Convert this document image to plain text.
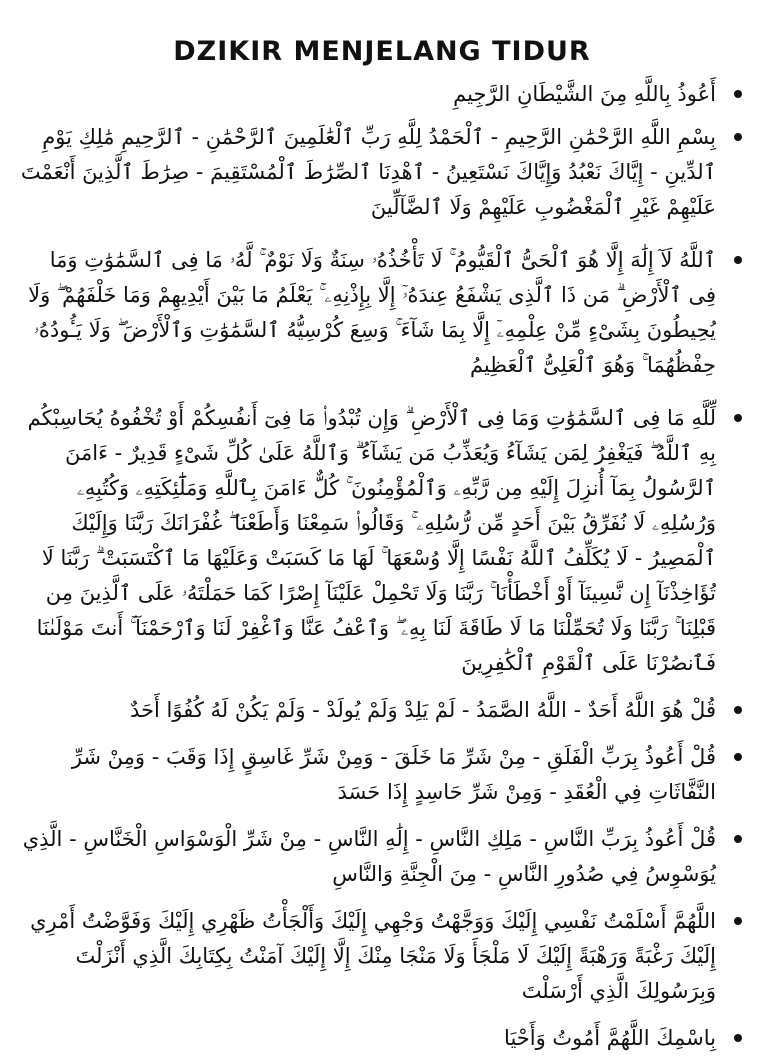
DZIKIR MENJELANG TIDUR
أَعُوذُ بِاللَّهِ مِنَ الشَّيْطَانِ الرَّجِيمِ
بِسْمِ اللَّهِ الرَّحْمَٰنِ الرَّحِيمِ - ٱلْحَمْدُ لِلَّهِ رَبِّ ٱلْعَٰلَمِينَ ٱلرَّحْمَٰنِ - ٱلرَّحِيمِ مَٰلِكِ يَوْمِ ٱلدِّينِ - إِيَّاكَ نَعْبُدُ وَإِيَّاكَ نَسْتَعِينُ - ٱهْدِنَا ٱلصِّرَٰطَ ٱلْمُسْتَقِيمَ - صِرَٰطَ ٱلَّذِينَ أَنْعَمْتَ عَلَيْهِمْ غَيْرِ ٱلْمَغْضُوبِ عَلَيْهِمْ وَلَا ٱلضَّآلِّينَ
ٱللَّهُ لَآ إِلَٰهَ إِلَّا هُوَ ٱلْحَىُّ ٱلْقَيُّومُ ۚ لَا تَأْخُذُهُۥ سِنَةٌ وَلَا نَوْمٌ ۚ لَّهُۥ مَا فِى ٱلسَّمَٰوَٰتِ وَمَا فِى ٱلْأَرْضِ ۗ مَن ذَا ٱلَّذِى يَشْفَعُ عِندَهُۥٓ إِلَّا بِإِذْنِهِۦ ۚ يَعْلَمُ مَا بَيْنَ أَيْدِيهِمْ وَمَا خَلْفَهُمْ ۖ وَلَا يُحِيطُونَ بِشَىْءٍ مِّنْ عِلْمِهِۦٓ إِلَّا بِمَا شَآءَ ۚ وَسِعَ كُرْسِيُّهُ ٱلسَّمَٰوَٰتِ وَٱلْأَرْضَ ۖ وَلَا يَـُٔودُهُۥ حِفْظُهُمَا ۚ وَهُوَ ٱلْعَلِىُّ ٱلْعَظِيمُ
لِّلَّهِ مَا فِى ٱلسَّمَٰوَٰتِ وَمَا فِى ٱلْأَرْضِ ۗ وَإِن تُبْدُوا۟ مَا فِىٓ أَنفُسِكُمْ أَوْ تُخْفُوهُ يُحَاسِبْكُم بِهِ ٱللَّهُ ۖ فَيَغْفِرُ لِمَن يَشَآءُ وَيُعَذِّبُ مَن يَشَآءُ ۗ وَٱللَّهُ عَلَىٰ كُلِّ شَىْءٍ قَدِيرٌ - ءَامَنَ ٱلرَّسُولُ بِمَآ أُنزِلَ إِلَيْهِ مِن رَّبِّهِۦ وَٱلْمُؤْمِنُونَ ۚ كُلٌّ ءَامَنَ بِٱللَّهِ وَمَلَٰٓئِكَتِهِۦ وَكُتُبِهِۦ وَرُسُلِهِۦ لَا نُفَرِّقُ بَيْنَ أَحَدٍ مِّن رُّسُلِهِۦ ۚ وَقَالُوا۟ سَمِعْنَا وَأَطَعْنَا ۖ غُفْرَانَكَ رَبَّنَا وَإِلَيْكَ ٱلْمَصِيرُ - لَا يُكَلِّفُ ٱللَّهُ نَفْسًا إِلَّا وُسْعَهَا ۚ لَهَا مَا كَسَبَتْ وَعَلَيْهَا مَا ٱكْتَسَبَتْ ۗ رَبَّنَا لَا تُؤَاخِذْنَآ إِن نَّسِينَآ أَوْ أَخْطَأْنَا ۚ رَبَّنَا وَلَا تَحْمِلْ عَلَيْنَآ إِصْرًا كَمَا حَمَلْتَهُۥ عَلَى ٱلَّذِينَ مِن قَبْلِنَا ۚ رَبَّنَا وَلَا تُحَمِّلْنَا مَا لَا طَاقَةَ لَنَا بِهِۦ ۖ وَٱعْفُ عَنَّا وَٱغْفِرْ لَنَا وَٱرْحَمْنَآ ۚ أَنتَ مَوْلَىٰنَا فَٱنصُرْنَا عَلَى ٱلْقَوْمِ ٱلْكَٰفِرِينَ
قُلْ هُوَ اللَّهُ أَحَدٌ - اللَّهُ الصَّمَدُ - لَمْ يَلِدْ وَلَمْ يُولَدْ - وَلَمْ يَكُنْ لَهُ كُفُوًا أَحَدٌ
قُلْ أَعُوذُ بِرَبِّ الْفَلَقِ - مِنْ شَرِّ مَا خَلَقَ - وَمِنْ شَرِّ غَاسِقٍ إِذَا وَقَبَ - وَمِنْ شَرِّ النَّفَّاثَاتِ فِي الْعُقَدِ - وَمِنْ شَرِّ حَاسِدٍ إِذَا حَسَدَ
قُلْ أَعُوذُ بِرَبِّ النَّاسِ - مَلِكِ النَّاسِ - إِلَٰهِ النَّاسِ - مِنْ شَرِّ الْوَسْوَاسِ الْخَنَّاسِ - الَّذِي يُوَسْوِسُ فِي صُدُورِ النَّاسِ - مِنَ الْجِنَّةِ وَالنَّاسِ
اللَّهُمَّ أَسْلَمْتُ نَفْسِي إِلَيْكَ وَوَجَّهْتُ وَجْهِي إِلَيْكَ وَأَلْجَأْتُ ظَهْرِي إِلَيْكَ وَفَوَّضْتُ أَمْرِي إِلَيْكَ رَغْبَةً وَرَهْبَةً إِلَيْكَ لَا مَلْجَأَ وَلَا مَنْجَا مِنْكَ إِلَّا إِلَيْكَ آمَنْتُ بِكِتَابِكَ الَّذِي أَنْزَلْتَ وَبِرَسُولِكَ الَّذِي أَرْسَلْتَ
بِاسْمِكَ اللَّهُمَّ أَمُوتُ وَأَحْيَا
